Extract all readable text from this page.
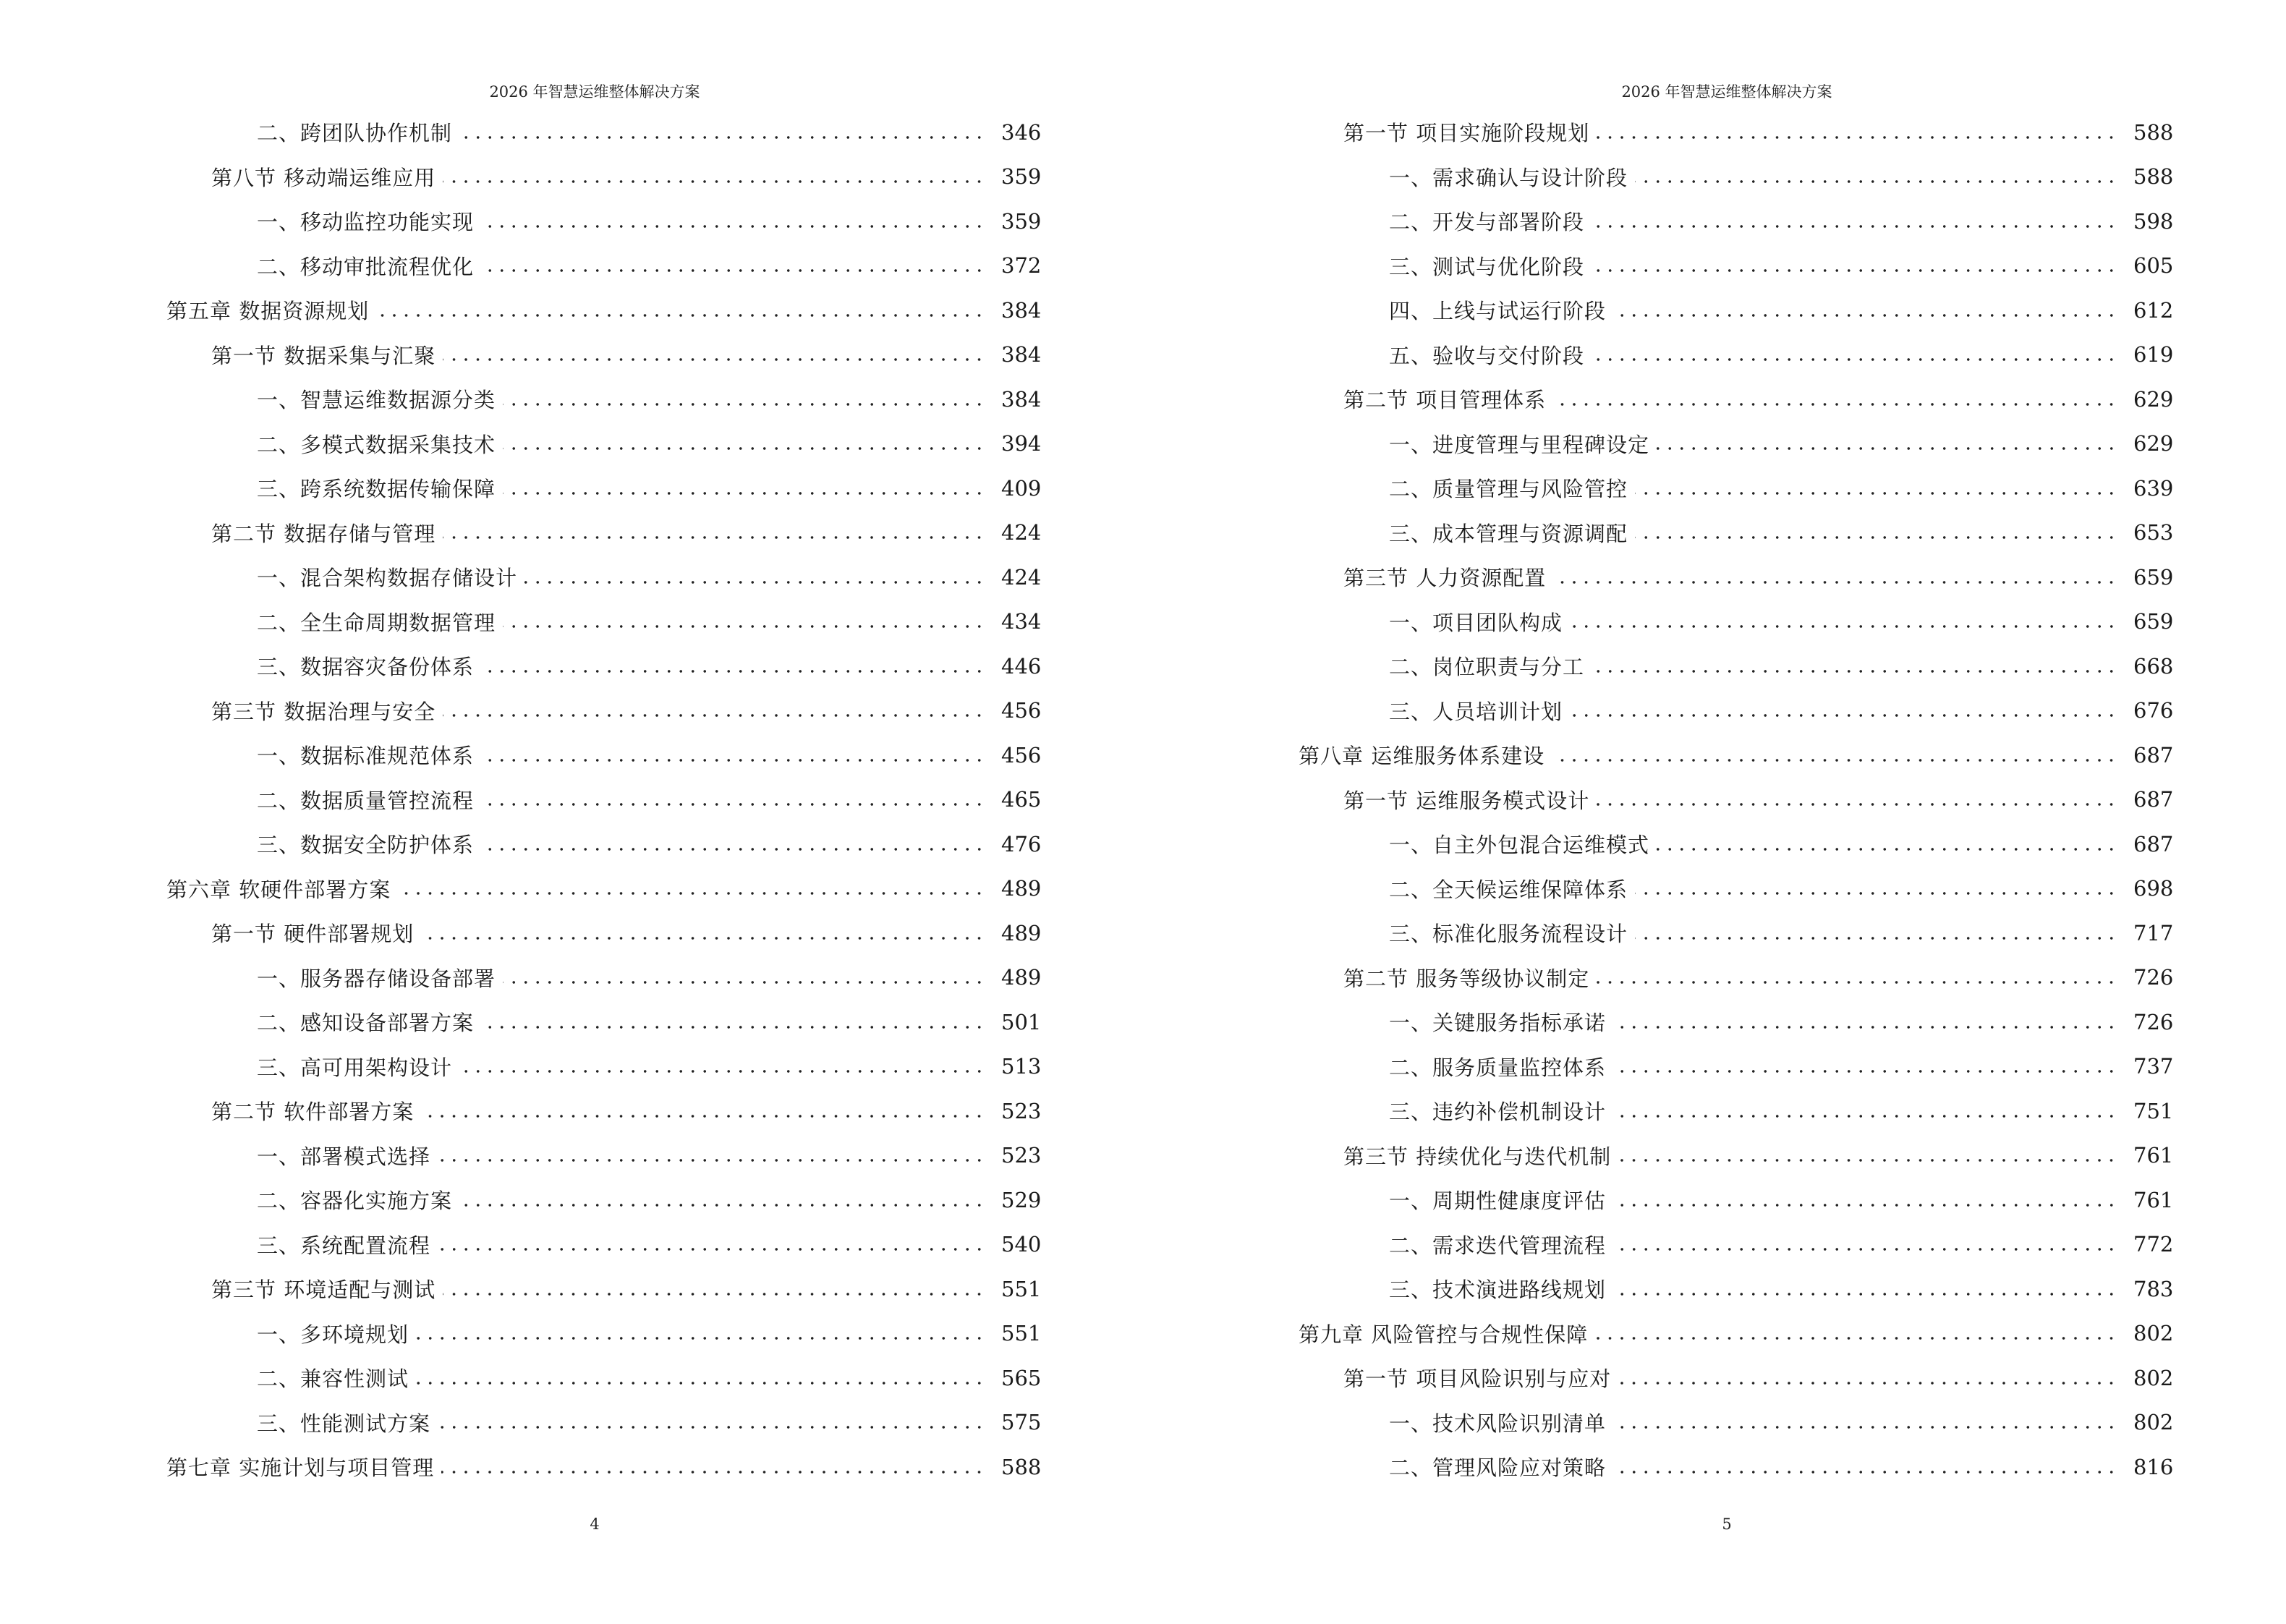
2026 年智慧运维整体解决方案
二、跨团队协作机制	346
第八节 移动端运维应用	359
一、移动监控功能实现	359
二、移动审批流程优化	372
第五章 数据资源规划	384
第一节 数据采集与汇聚	384
一、智慧运维数据源分类	384
二、多模式数据采集技术	394
三、跨系统数据传输保障	409
第二节 数据存储与管理	424
一、混合架构数据存储设计	424
二、全生命周期数据管理	434
三、数据容灾备份体系	446
第三节 数据治理与安全	456
一、数据标准规范体系	456
二、数据质量管控流程	465
三、数据安全防护体系	476
第六章 软硬件部署方案	489
第一节 硬件部署规划	489
一、服务器存储设备部署	489
二、感知设备部署方案	501
三、高可用架构设计	513
第二节 软件部署方案	523
一、部署模式选择	523
二、容器化实施方案	529
三、系统配置流程	540
第三节 环境适配与测试	551
一、多环境规划	551
二、兼容性测试	565
三、性能测试方案	575
第七章 实施计划与项目管理	588
4
2026 年智慧运维整体解决方案
第一节 项目实施阶段规划	588
一、需求确认与设计阶段	588
二、开发与部署阶段	598
三、测试与优化阶段	605
四、上线与试运行阶段	612
五、验收与交付阶段	619
第二节 项目管理体系	629
一、进度管理与里程碑设定	629
二、质量管理与风险管控	639
三、成本管理与资源调配	653
第三节 人力资源配置	659
一、项目团队构成	659
二、岗位职责与分工	668
三、人员培训计划	676
第八章 运维服务体系建设	687
第一节 运维服务模式设计	687
一、自主外包混合运维模式	687
二、全天候运维保障体系	698
三、标准化服务流程设计	717
第二节 服务等级协议制定	726
一、关键服务指标承诺	726
二、服务质量监控体系	737
三、违约补偿机制设计	751
第三节 持续优化与迭代机制	761
一、周期性健康度评估	761
二、需求迭代管理流程	772
三、技术演进路线规划	783
第九章 风险管控与合规性保障	802
第一节 项目风险识别与应对	802
一、技术风险识别清单	802
二、管理风险应对策略	816
5
